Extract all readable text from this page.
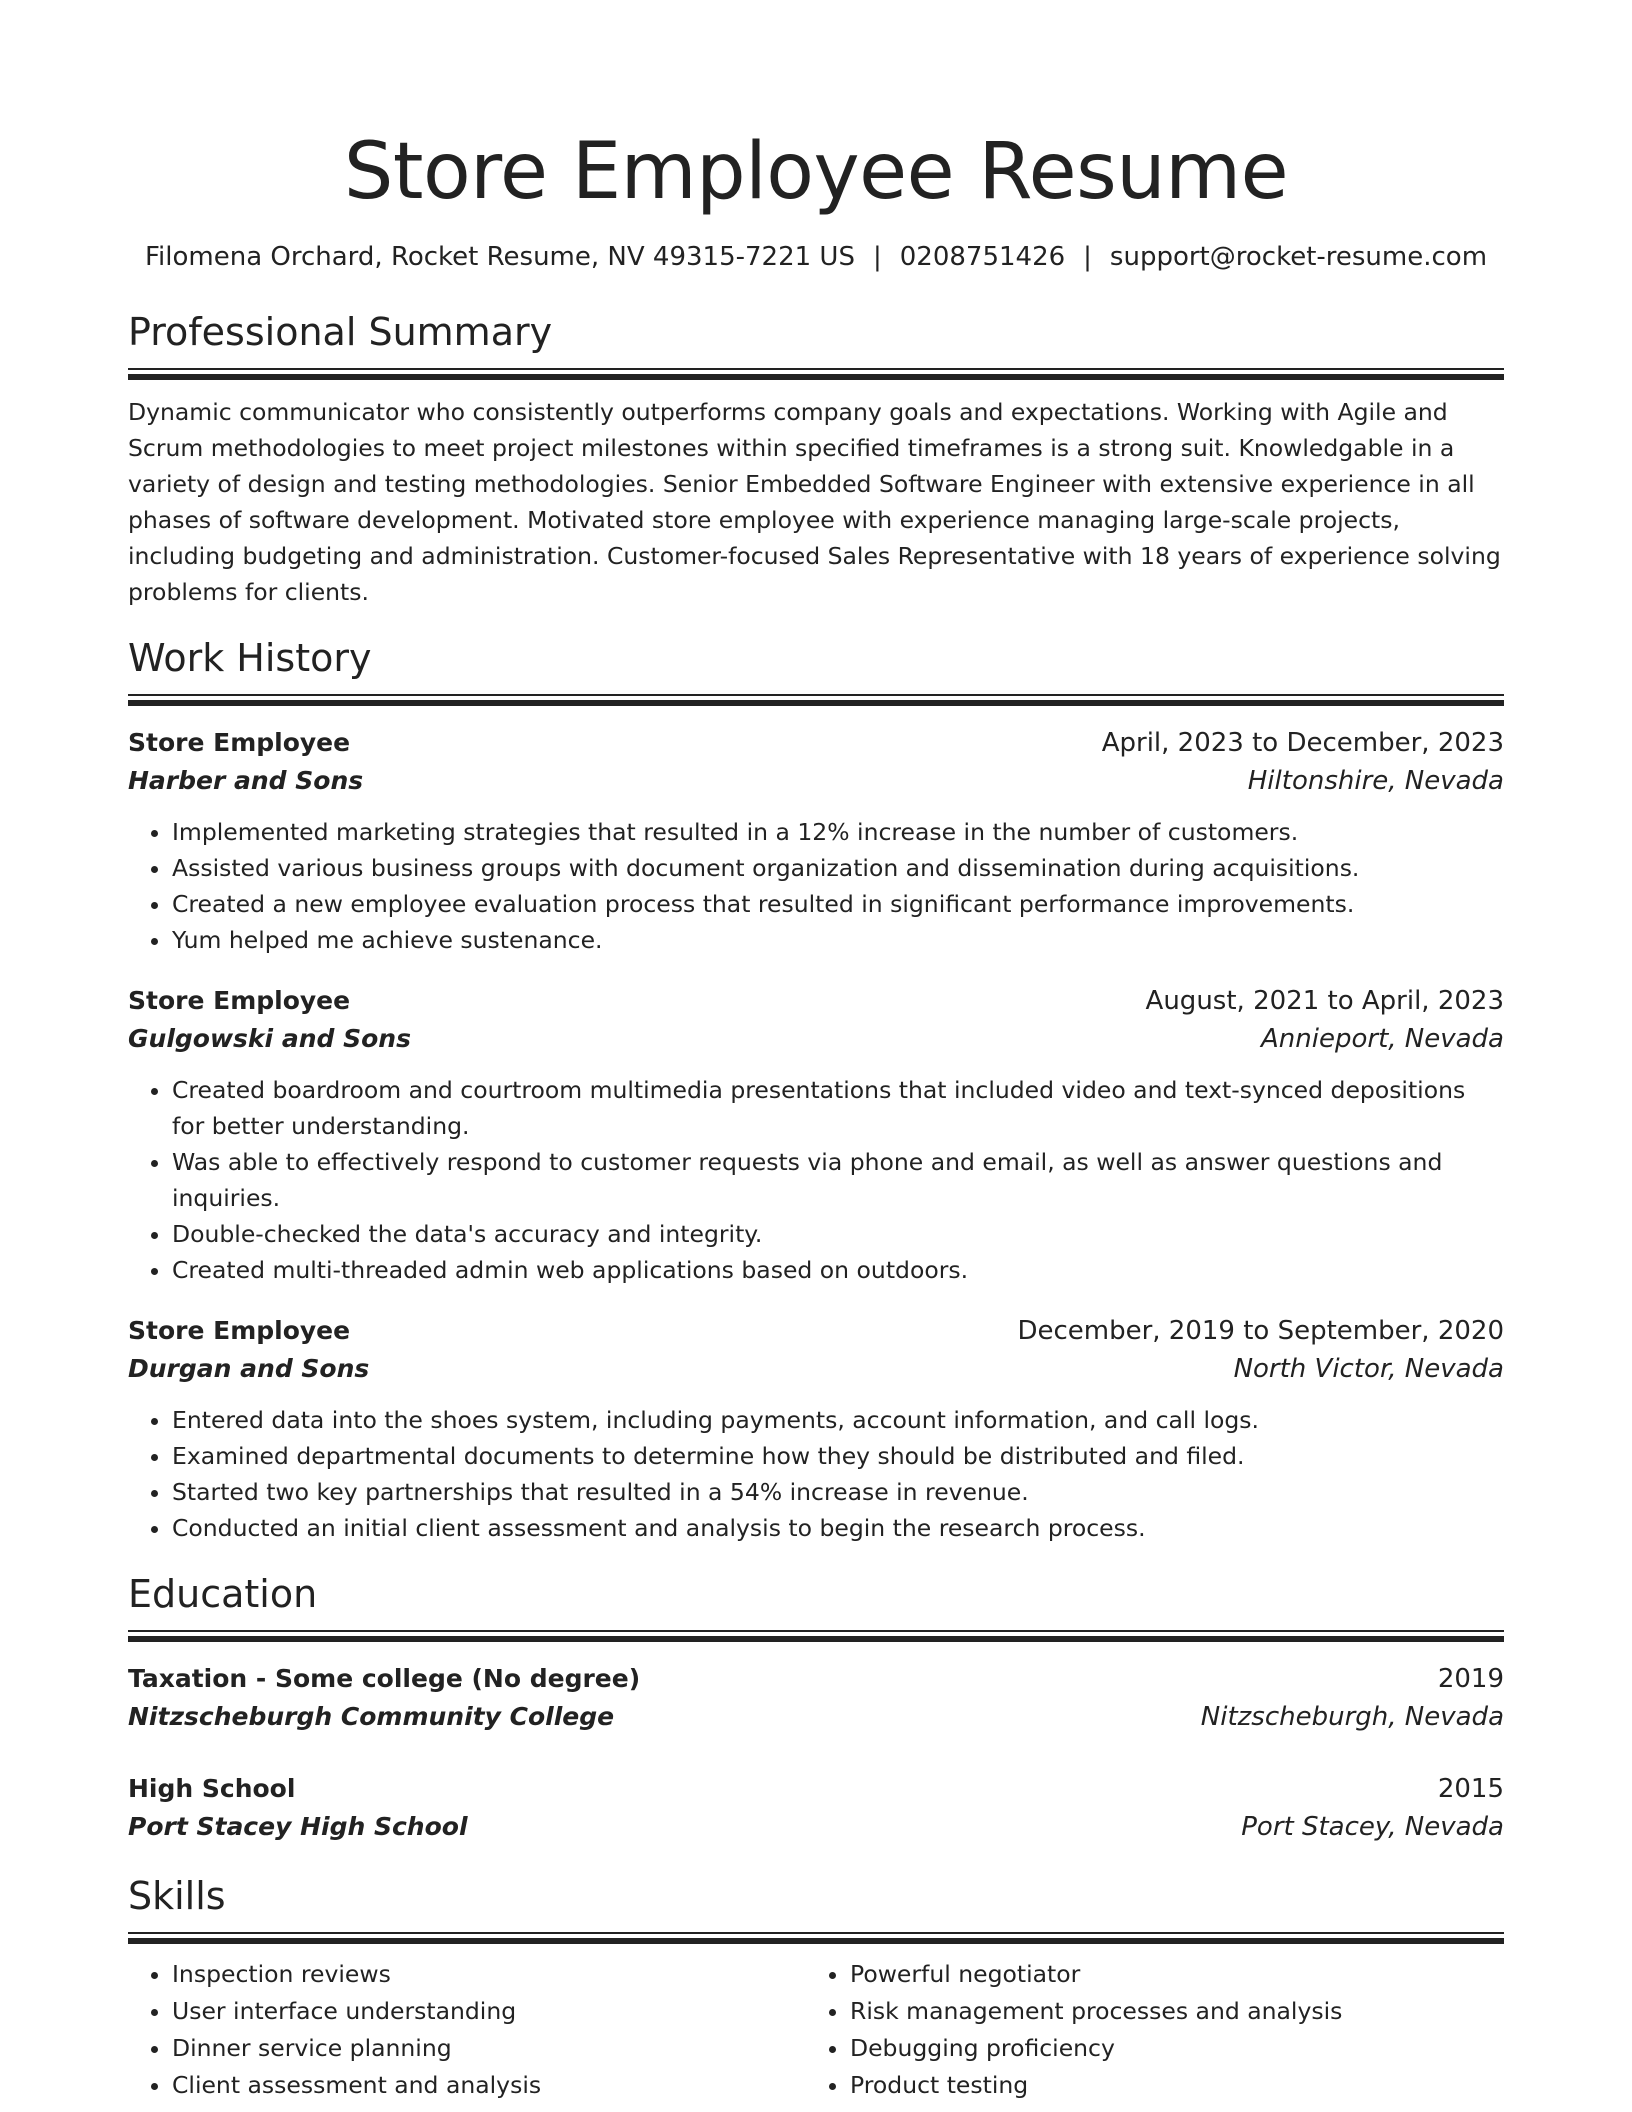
Store Employee Resume
Filomena Orchard, Rocket Resume, NV 49315-7221 US | 0208751426 | support@rocket-resume.com
Professional Summary

Dynamic communicator who consistently outperforms company goals and expectations. Working with Agile and Scrum methodologies to meet project milestones within specified timeframes is a strong suit. Knowledgable in a variety of design and testing methodologies. Senior Embedded Software Engineer with extensive experience in all phases of software development. Motivated store employee with experience managing large-scale projects, including budgeting and administration. Customer-focused Sales Representative with 18 years of experience solving problems for clients.

Work History
Store Employee	April, 2023 to December, 2023
Harber and Sons	Hiltonshire, Nevada
• Implemented marketing strategies that resulted in a 12% increase in the number of customers.
• Assisted various business groups with document organization and dissemination during acquisitions.
• Created a new employee evaluation process that resulted in significant performance improvements.
• Yum helped me achieve sustenance.
Store Employee	August, 2021 to April, 2023
Gulgowski and Sons	Annieport, Nevada
• Created boardroom and courtroom multimedia presentations that included video and text-synced depositions for better understanding.
• Was able to effectively respond to customer requests via phone and email, as well as answer questions and inquiries.
• Double-checked the data's accuracy and integrity.
• Created multi-threaded admin web applications based on outdoors.
Store Employee	December, 2019 to September, 2020
Durgan and Sons	North Victor, Nevada
• Entered data into the shoes system, including payments, account information, and call logs.
• Examined departmental documents to determine how they should be distributed and filed.
• Started two key partnerships that resulted in a 54% increase in revenue.
• Conducted an initial client assessment and analysis to begin the research process.
Education
Taxation - Some college (No degree)	2019
Nitzscheburgh Community College	Nitzscheburgh, Nevada
High School	2015
Port Stacey High School	Port Stacey, Nevada
Skills
• Inspection reviews
• User interface understanding
• Dinner service planning
• Client assessment and analysis
• Powerful negotiator
• Risk management processes and analysis
• Debugging proficiency
• Product testing
